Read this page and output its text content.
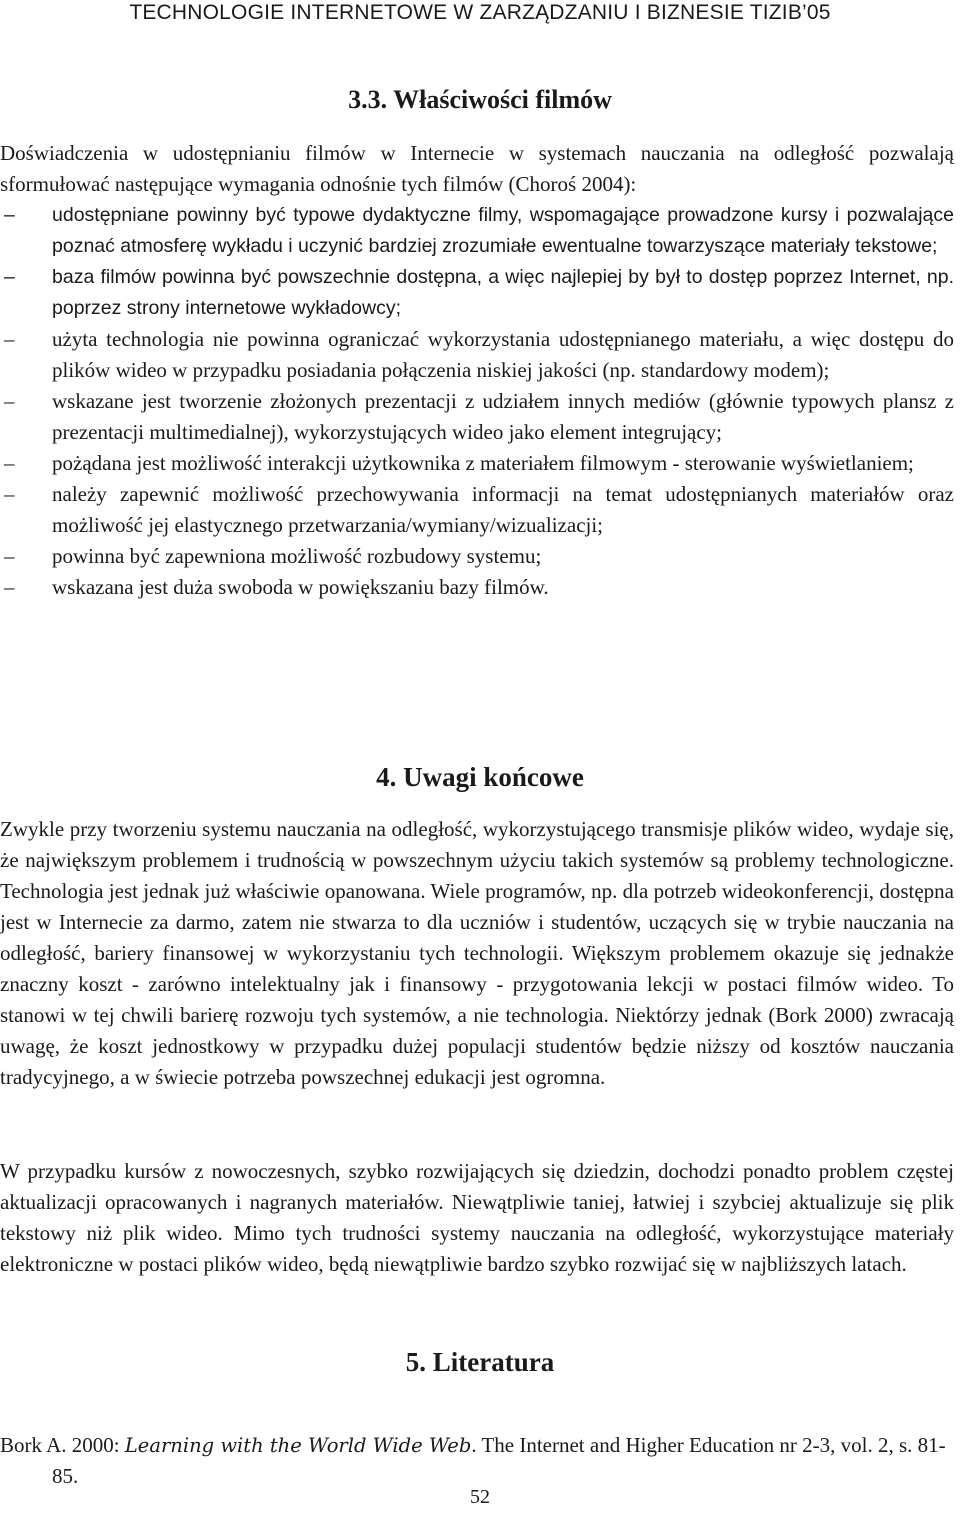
TECHNOLOGIE INTERNETOWE W ZARZĄDZANIU I BIZNESIE TIZIB’05
3.3. Właściwości filmów

Doświadczenia w udostępnianiu filmów w Internecie w systemach nauczania na odległość pozwalają sformułować następujące wymagania odnośnie tych filmów (Choroś 2004):

–	udostępniane powinny być typowe dydaktyczne filmy, wspomagające prowadzone kursy i pozwalające poznać atmosferę wykładu i uczynić bardziej zrozumiałe ewentualne towarzyszące materiały tekstowe;
–	baza filmów powinna być powszechnie dostępna, a więc najlepiej by był to dostęp poprzez Internet, np. poprzez strony internetowe wykładowcy;
–	użyta technologia nie powinna ograniczać wykorzystania udostępnianego materiału, a więc dostępu do plików wideo w przypadku posiadania połączenia niskiej jakości (np. standardowy modem);
–	wskazane jest tworzenie złożonych prezentacji z udziałem innych mediów (głównie typowych plansz z prezentacji multimedialnej), wykorzystujących wideo jako element integrujący;
–	pożądana jest możliwość interakcji użytkownika z materiałem filmowym - sterowanie wyświetlaniem;
–	należy zapewnić możliwość przechowywania informacji na temat udostępnianych materiałów oraz możliwość jej elastycznego przetwarzania/wymiany/wizualizacji;
–	powinna być zapewniona możliwość rozbudowy systemu;
–	wskazana jest duża swoboda w powiększaniu bazy filmów.
4. Uwagi końcowe

Zwykle przy tworzeniu systemu nauczania na odległość, wykorzystującego transmisje plików wideo, wydaje się, że największym problemem i trudnością w powszechnym użyciu takich systemów są problemy technologiczne. Technologia jest jednak już właściwie opanowana. Wiele programów, np. dla potrzeb wideokonferencji, dostępna jest w Internecie za darmo, zatem nie stwarza to dla uczniów i studentów, uczących się w trybie nauczania na odległość, bariery finansowej w wykorzystaniu tych technologii. Większym problemem okazuje się jednakże znaczny koszt - zarówno intelektualny jak i finansowy - przygotowania lekcji w postaci filmów wideo. To stanowi w tej chwili barierę rozwoju tych systemów, a nie technologia. Niektórzy jednak (Bork 2000) zwracają uwagę, że koszt jednostkowy w przypadku dużej populacji studentów będzie niższy od kosztów nauczania tradycyjnego, a w świecie potrzeba powszechnej edukacji jest ogromna.

W przypadku kursów z nowoczesnych, szybko rozwijających się dziedzin, dochodzi ponadto problem częstej aktualizacji opracowanych i nagranych materiałów. Niewątpliwie taniej, łatwiej i szybciej aktualizuje się plik tekstowy niż plik wideo. Mimo tych trudności systemy nauczania na odległość, wykorzystujące materiały elektroniczne w postaci plików wideo, będą niewątpliwie bardzo szybko rozwijać się w najbliższych latach.

5. Literatura

Bork A. 2000: Learning with the World Wide Web. The Internet and Higher Education nr 2-3, vol. 2, s. 81-85.

52
